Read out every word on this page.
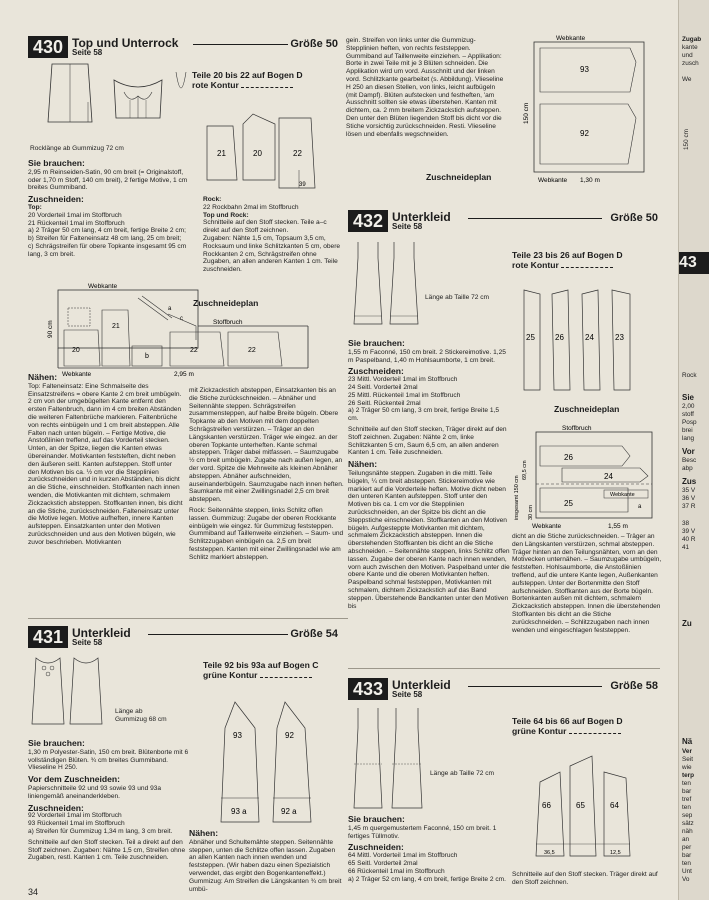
430 Top und Unterrock
Seite 58
Größe 50
Rocklänge ab Gummizug 72 cm
Teile 20 bis 22 auf Bogen D
rote Kontur
21	20	22
39
Sie brauchen:

2,95 m Reinseiden-Satin, 90 cm breit (= Originalstoff, oder 1,70 m Stoff, 140 cm breit), 2 fertige Motive, 1 cm breites Gummiband.

Zuschneiden:
Top:
20 Vorderteil 1mal im Stoffbruch
21 Rückenteil 1mal im Stoffbruch
a) 2 Träger 50 cm lang, 4 cm breit, fertige Breite 2 cm;
b) Streifen für Falteneinsatz 48 cm lang, 25 cm breit;
c) Schrägstreifen für obere Topkante insgesamt 95 cm lang, 3 cm breit.
Rock:
22 Rockbahn 2mal im Stoffbruch
Top und Rock:
Schnitteile auf den Stoff stecken. Teile a–c direkt auf den Stoff zeichnen.
Zugaben: Nähte 1,5 cm, Topsaum 3,5 cm, Rocksaum und linke Schlitzkanten 5 cm, obere Rockkanten 2 cm, Schrägstreifen ohne Zugaben, an allen anderen Kanten 1 cm. Teile zuschneiden.
Zuschneideplan
21
20
b
22	22
a
c
Webkante
Webkante
Stoffbruch
2,95 m
90 cm
Nähen:

Top: Falteneinsatz: Eine Schmalseite des Einsatzstreifens = obere Kante 2 cm breit umbügeln. 2 cm von der umgebügelten Kante entfernt den ersten Faltenbruch, dann im 4 cm breiten Abständen die weiteren Faltenbrüche markieren. Faltenbrüche von rechts einbügeln und 1 cm breit absteppen. Alle Falten nach unten bügeln. – Fertige Motive, die Anstoßlinien treffend, auf das Vorderteil stecken. Unten, an der Spitze, liegen die Kanten etwas übereinander. Motivkanten feststeften, dicht neben den äußeren seitl. Kanten aufsteppen. Stoff unter den Motiven bis ca. ½ cm vor die Stepplinien zurückschneiden und in kurzen Abständen, bis dicht an die Stiche, einschneiden. Stoffkanten nach innen wenden, die Motivkanten mit dichtem, schmalem Zickzackstich absteppen. Stoffkanten innen, bis dicht an die Stiche, zurückschneiden. Falteneinsatz unter die Motive legen. Motive aufheften, innere Kanten aufsteppen. Einsatzkanten unter den Motiven zurückschneiden und aus den Motiven bügeln, wie zuvor beschrieben. Motivkanten

mit Zickzackstich absteppen, Einsatzkanten bis an die Stiche zurückschneiden. – Abnäher und Seitennähte steppen. Schrägstreifen zusammensteppen, auf halbe Breite bügeln. Obere Topkante ab den Motiven mit dem doppelten Schrägstreifen verstürzen. – Träger an den Längskanten verstürzen. Träger wie eingez. an der oberen Topkante unterheften. Kante schmal absteppen. Träger dabei mitfassen. – Saumzugabe ½ cm breit umbügeln. Zugabe nach außen legen, an der vord. Spitze die Mehrweite als kleinen Abnäher absteppen. Abnäher aufschneiden, auseinanderbügeln. Saumzugabe nach innen heften. Saumkante mit einer Zwillingsnadel 2,5 cm breit absteppen.

Rock: Seitennähte steppen, links Schlitz offen lassen. Gummizug: Zugabe der oberen Rockkante einbügeln wie eingez. für Gummizug feststeppen. Gummiband auf Taillenweite einziehen. – Saum- und Schlitzzugaben einbügeln ca. 2,5 cm breit feststeppen. Kanten mit einer Zwillingsnadel wie am Schlitz markiert absteppen.

431 Unterkleid
Seite 58
Größe 54
Länge ab Gummizug 68 cm
Teile 92 bis 93a auf Bogen C
grüne Kontur
93	92
93 a	92 a
Sie brauchen:

1,30 m Polyester-Satin, 150 cm breit. Blütenborte mit 6 vollständigen Blüten. ¾ cm breites Gummiband. Vlieseline H 250.

Vor dem Zuschneiden:

Papierschnitteile 92 und 93 sowie 93 und 93a liniengemäß aneinanderkleben.

Zuschneiden:
92 Vorderteil 1mal im Stoffbruch
93 Rückenteil 1mal im Stoffbruch
a) Streifen für Gummizug 1,34 m lang, 3 cm breit.

Schnitteile auf den Stoff stecken. Teil a direkt auf den Stoff zeichnen. Zugaben: Nähte 1,5 cm, Streifen ohne Zugaben, restl. Kanten 1 cm. Teile zuschneiden.

Nähen:

Abnäher und Schultemähte steppen. Seitennähte steppen, unten die Schlitze offen lassen. Zugaben an allen Kanten nach innen wenden und feststeppen. (Wir haben dazu einen Spezialstich verwendet, das ergibt den Bogenkanteneffekt.) Gummizug: Am Streifen die Längskanten ¾ cm breit umbü-

gein. Streifen von links unter die Gummizug-Stepplinien heften, von rechts feststeppen. Gummiband auf Taillenweite einziehen. – Applikation: Borte in zwei Teile mit je 3 Blüten schneiden. Die Applikation wird um vord. Ausschnitt und der linken vord. Schlitzkante gearbeitet (s. Abbildung). Vlieseline H 250 an diesen Stellen, von links, leicht aufbügeln (mit Dampf). Blüten aufstecken und festheften, 'am Ausschnitt sollten sie etwas überstehen. Kanten mit dichtem, ca. 2 mm breitem Zickzackstich aufsteppen. Den unter den Blüten liegenden Stoff bis dicht vor die Stiche vorsichtig zurückschneiden. Resti. Vlieseline lösen und ebenfalls wegschneiden.

Zuschneideplan
93
92
Webkante
Webkante 1,30 m
150 cm
432 Unterkleid
Seite 58
Größe 50
Länge ab Taille 72 cm
Teile 23 bis 26 auf Bogen D
rote Kontur
25	26	24	23
Sie brauchen:

1,55 m Faconné, 150 cm breit. 2 Stickereimotive. 1,25 m Paspelband, 1,40 m Hohlsaumborte, 1 cm breit.

Zuschneiden:
23 Mittl. Vorderteil 1mal im Stoffbruch
24 Seitl. Vorderteil 2mal
25 Mittl. Rückenteil 1mal im Stoffbruch
26 Seitl. Rückenteil 2mal
a) 2 Träger 50 cm lang, 3 cm breit, fertige Breite 1,5 cm.

Schnitteile auf den Stoff stecken, Träger direkt auf den Stoff zeichnen. Zugaben: Nähte 2 cm, linke Schlitzkanten 5 cm, Saum 6,5 cm, an allen anderen Kanten 1 cm. Teile zuschneiden.

Nähen:

Teilungsnähte steppen. Zugaben in die mittl. Teile bügeln, ¼ cm breit absteppen. Stickereimotive wie markiert auf die Vorderteile heften. Motive dicht neben den unteren Kanten aufsteppen. Stoff unter den Motiven bis ca. 1 cm vor die Stepplinien zurückschneiden, an der Spitze bis dicht an die Steppstiche einschneiden. Stoffkanten an den Motiven bügeln. Aufgesteppte Motivkanten mit dichtem, schmalem Zickzackstich absteppen. Innen die überstehenden Stoffkanten bis dicht an die Stiche abschneiden. – Seitennähte steppen, links Schlitz offen lassen. Zugabe der oberen Kante nach innen wenden, vorn auch zwischen den Motiven. Paspelband unter die obere Kante und die oberen Motivkanten heften. Paspelband schmal feststeppen, Motivkanten mit schmalem, dichtem Zickzackstich auf das Band steppen. Überstehende Bandkanten unter den Motiven bis

Zuschneideplan
26
24
25	a
Stoffbruch
Webkante
Webkante	1,55 m
insgesamt 150 cm
69,5 cm
30 cm

dicht an die Stiche zurückschneiden. – Träger an den Längskanten verstürzen, schmal absteppen. Träger hinten an den Teilungsnähten, vorn an den Motivecken unternähen. – Saumzugabe umbügeln, feststeften. Hohlsaumborte, die Anstoßlinien treffend, auf die untere Kante legen, Außenkanten aufsteppen. Unter der Bortenmitte den Stoff aufschneiden. Stoffkanten aus der Borte bügeln. Bortenkanten außen mit dichtem, schmalem Zickzackstich absteppen. Innen die überstehenden Stoffkanten bis dicht an die Stiche zurückschneiden. – Schlitzzugaben nach innen wenden und eingeschlagen feststeppen.

433 Unterkleid
Seite 58
Größe 58
Länge ab Taille 72 cm
Teile 64 bis 66 auf Bogen D
grüne Kontur
66	65	64
36,5	12,5
Sie brauchen:

1,45 m quergemustertem Faconné, 150 cm breit. 1 fertiges Tüllmotiv.

Zuschneiden:
64 Mittl. Vorderteil 1mal im Stoffbruch
65 Seitl. Vorderteil 2mal
66 Rückenteil 1mal im Stoffbruch
a) 2 Träger 52 cm lang, 4 cm breit, fertige Breite 2 cm.

Schnitteile auf den Stoff stecken. Träger direkt auf den Stoff zeichnen.

34
Zugab
kante
und
zusch
We
150 cm
43
Rock
Sie
2,00
stoff
Posp
brei
lang
Vor
Besc
abp
Zus
35 V
36 V
37 R
38
39 V
40 R
41
Zu
Nä
Ver
Seit
wie
terp
ten
bar
tref
ten
sep
sätz
näh
an
per
bar
ten
Unt
Vo
